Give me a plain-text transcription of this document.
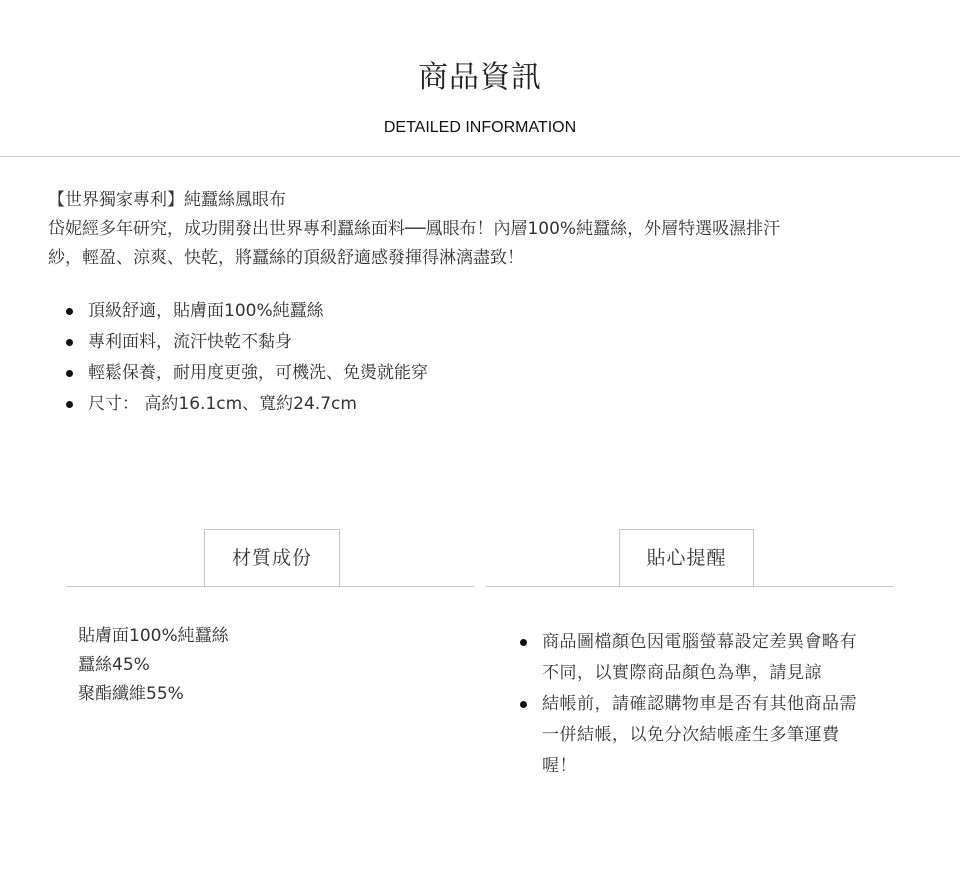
商品資訊
DETAILED INFORMATION

【世界獨家專利】純蠶絲鳳眼布

岱妮經多年研究，成功開發出世界專利蠶絲面料──鳳眼布！內層100%純蠶絲，外層特選吸濕排汗

紗，輕盈、涼爽、快乾，將蠶絲的頂級舒適感發揮得淋漓盡致！

頂級舒適，貼膚面100%純蠶絲
專利面料，流汗快乾不黏身
輕鬆保養，耐用度更強，可機洗、免燙就能穿
尺寸： 高約16.1cm、寬約24.7cm
材質成份	貼心提醒
貼膚面100%純蠶絲
蠶絲45%
聚酯纖維55%
商品圖檔顏色因電腦螢幕設定差異會略有不同，以實際商品顏色為準，請見諒
結帳前，請確認購物車是否有其他商品需一併結帳，以免分次結帳產生多筆運費喔！
